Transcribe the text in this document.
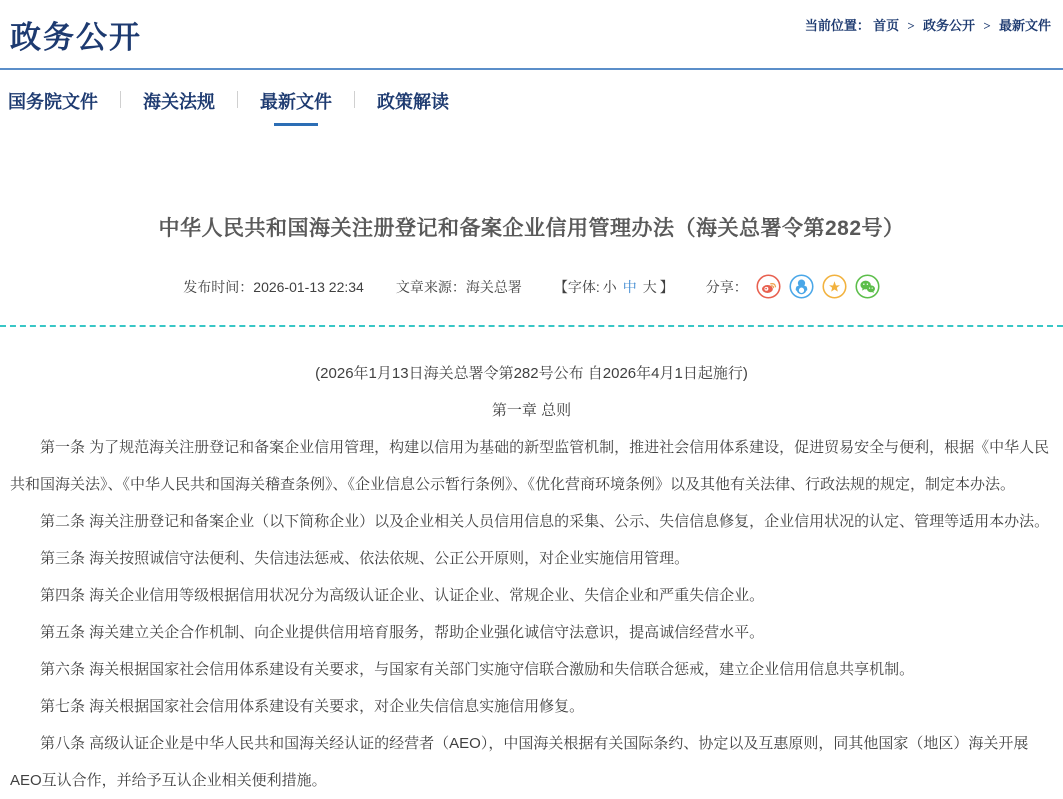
政务公开	当前位置： 首页 > 政务公开 > 最新文件
国务院文件	海关法规	最新文件	政策解读
中华人民共和国海关注册登记和备案企业信用管理办法（海关总署令第282号）
发布时间： 2026-01-13 22:34 文章来源： 海关总署 【字体: 小 中 大 】 分享：

(2026年1月13日海关总署令第282号公布 自2026年4月1日起施行)

第一章 总则

第一条 为了规范海关注册登记和备案企业信用管理，构建以信用为基础的新型监管机制，推进社会信用体系建设，促进贸易安全与便利，根据《中华人民共和国海关法》、《中华人民共和国海关稽查条例》、《企业信息公示暂行条例》、《优化营商环境条例》以及其他有关法律、行政法规的规定，制定本办法。

第二条 海关注册登记和备案企业（以下简称企业）以及企业相关人员信用信息的采集、公示、失信信息修复，企业信用状况的认定、管理等适用本办法。

第三条 海关按照诚信守法便利、失信违法惩戒、依法依规、公正公开原则，对企业实施信用管理。

第四条 海关企业信用等级根据信用状况分为高级认证企业、认证企业、常规企业、失信企业和严重失信企业。

第五条 海关建立关企合作机制、向企业提供信用培育服务，帮助企业强化诚信守法意识，提高诚信经营水平。

第六条 海关根据国家社会信用体系建设有关要求，与国家有关部门实施守信联合激励和失信联合惩戒，建立企业信用信息共享机制。

第七条 海关根据国家社会信用体系建设有关要求，对企业失信信息实施信用修复。

第八条 高级认证企业是中华人民共和国海关经认证的经营者（AEO），中国海关根据有关国际条约、协定以及互惠原则，同其他国家（地区）海关开展AEO互认合作，并给予互认企业相关便利措施。
